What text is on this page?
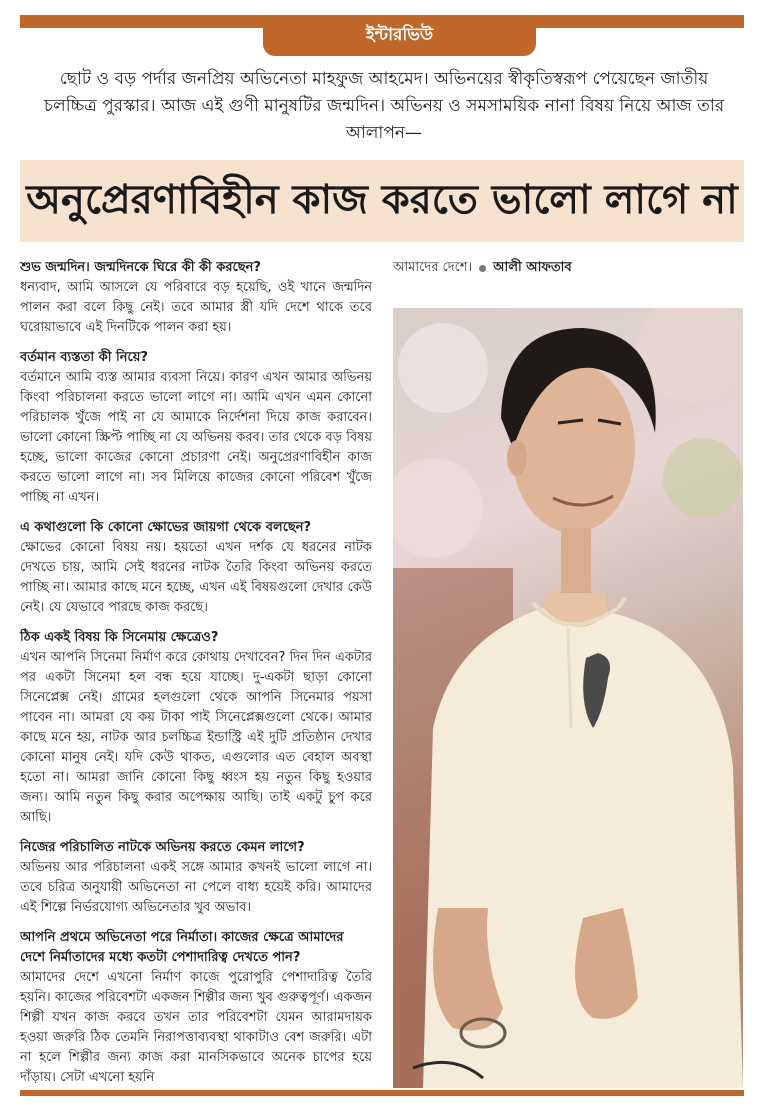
ইন্টারভিউ
ছোট ও বড় পর্দার জনপ্রিয় অভিনেতা মাহফুজ আহমেদ। অভিনয়ের স্বীকৃতিস্বরূপ পেয়েছেন জাতীয় চলচ্চিত্র পুরস্কার। আজ এই গুণী মানুষটির জন্মদিন। অভিনয় ও সমসাময়িক নানা বিষয় নিয়ে আজ তার আলাপন—
অনুপ্রেরণাবিহীন কাজ করতে ভালো লাগে না
শুভ জন্মদিন। জন্মদিনকে ঘিরে কী কী করছেন?
ধন্যবাদ, আমি আসলে যে পরিবারে বড় হয়েছি, ওই খানে জন্মদিন পালন করা বলে কিছু নেই। তবে আমার স্ত্রী যদি দেশে থাকে তবে ঘরোয়াভাবে এই দিনটিকে পালন করা হয়।
বর্তমান ব্যস্ততা কী নিয়ে?
বর্তমানে আমি ব্যস্ত আমার ব্যবসা নিয়ে। কারণ এখন আমার অভিনয় কিংবা পরিচালনা করতে ভালো লাগে না। আমি এখন এমন কোনো পরিচালক খুঁজে পাই না যে আমাকে নির্দেশনা দিয়ে কাজ করাবেন। ভালো কোনো স্ক্রিপ্ট পাচ্ছি না যে অভিনয় করব। তার থেকে বড় বিষয় হচ্ছে, ভালো কাজের কোনো প্রচারণা নেই। অনুপ্রেরণাবিহীন কাজ করতে ভালো লাগে না। সব মিলিয়ে কাজের কোনো পরিবেশ খুঁজে পাচ্ছি না এখন।
এ কথাগুলো কি কোনো ক্ষোভের জায়গা থেকে বলছেন?
ক্ষোভের কোনো বিষয় নয়। হয়তো এখন দর্শক যে ধরনের নাটক দেখতে চায়, আমি সেই ধরনের নাটক তৈরি কিংবা অভিনয় করতে পাচ্ছি না। আমার কাছে মনে হচ্ছে, এখন এই বিষয়গুলো দেখার কেউ নেই। যে যেভাবে পারছে কাজ করছে।
ঠিক একই বিষয় কি সিনেমায় ক্ষেত্রেও?
এখন আপনি সিনেমা নির্মাণ করে কোথায় দেখাবেন? দিন দিন একটার পর একটা সিনেমা হল বন্ধ হয়ে যাচ্ছে। দু-একটা ছাড়া কোনো সিনেপ্লেক্স নেই। গ্রামের হলগুলো থেকে আপনি সিনেমার পয়সা পাবেন না। আমরা যে কয় টাকা পাই সিনেপ্লেক্সগুলো থেকে। আমার কাছে মনে হয়, নাটক আর চলচ্চিত্র ইন্ডাস্ট্রি এই দুটি প্রতিষ্ঠান দেখার কোনো মানুষ নেই। যদি কেউ থাকত, এগুলোর এত বেহাল অবস্থা হতো না। আমরা জানি কোনো কিছু ধ্বংস হয় নতুন কিছু হওয়ার জন্য। আমি নতুন কিছু করার অপেক্ষায় আছি। তাই একটু চুপ করে আছি।
নিজের পরিচালিত নাটকে অভিনয় করতে কেমন লাগে?
অভিনয় আর পরিচালনা একই সঙ্গে আমার কখনই ভালো লাগে না। তবে চরিত্র অনুযায়ী অভিনেতা না পেলে বাধ্য হয়েই করি। আমাদের এই শিল্পে নির্ভরযোগ্য অভিনেতার খুব অভাব।
আপনি প্রথমে অভিনেতা পরে নির্মাতা। কাজের ক্ষেত্রে আমাদের দেশে নির্মাতাদের মধ্যে কতটা পেশাদারিত্ব দেখতে পান?
আমাদের দেশে এখনো নির্মাণ কাজে পুরোপুরি পেশাদারিত্ব তৈরি হয়নি। কাজের পরিবেশটা একজন শিল্পীর জন্য খুব গুরুত্বপূর্ণ। একজন শিল্পী যখন কাজ করবে তখন তার পরিবেশটা যেমন আরামদায়ক হওয়া জরুরি ঠিক তেমনি নিরাপত্তাব্যবস্থা থাকাটাও বেশ জরুরি। এটা না হলে শিল্পীর জন্য কাজ করা মানসিকভাবে অনেক চাপের হয়ে দাঁড়ায়। সেটা এখনো হয়নি
আমাদের দেশে। আলী আফতাব
